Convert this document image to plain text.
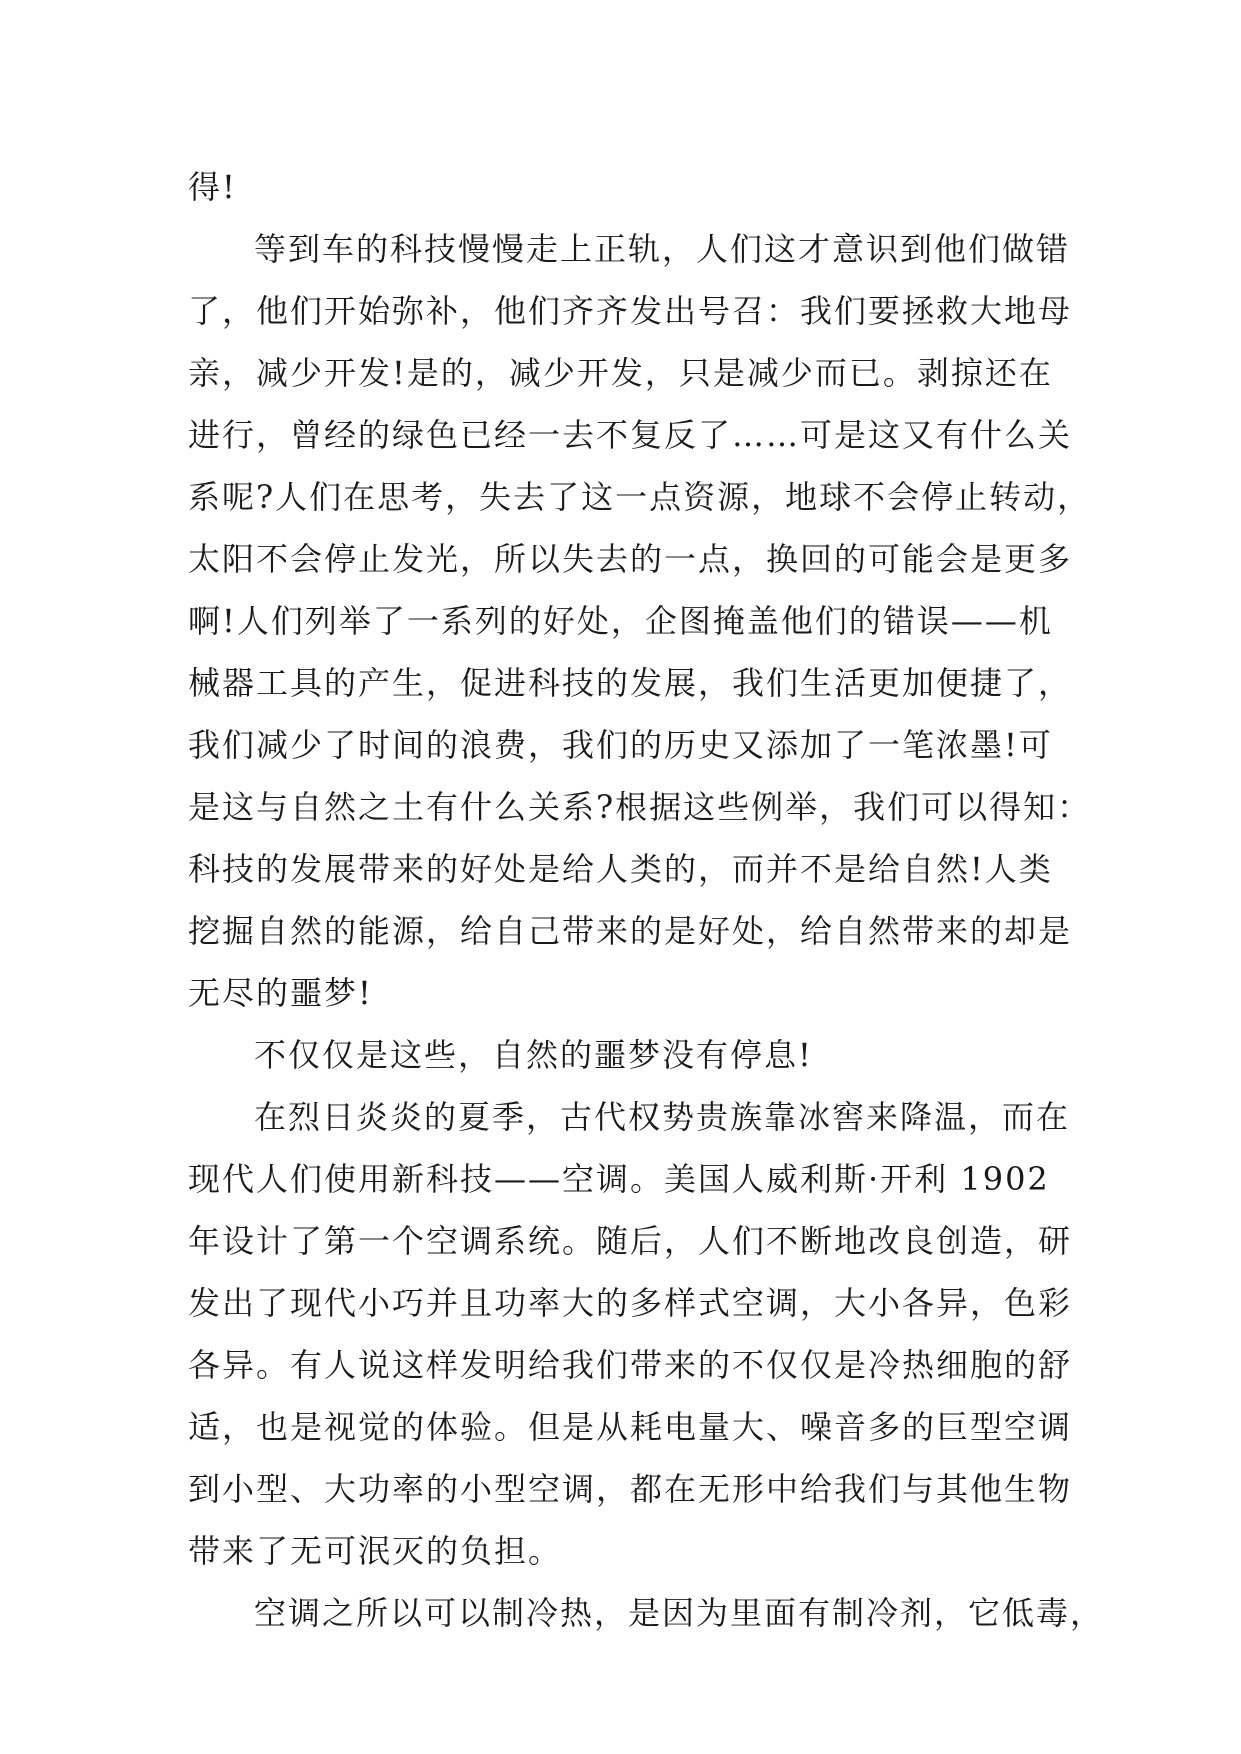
得!
等到车的科技慢慢走上正轨，人们这才意识到他们做错
了，他们开始弥补，他们齐齐发出号召：我们要拯救大地母
亲，减少开发!是的，减少开发，只是减少而已。剥掠还在
进行，曾经的绿色已经一去不复反了……可是这又有什么关
系呢?人们在思考，失去了这一点资源，地球不会停止转动，
太阳不会停止发光，所以失去的一点，换回的可能会是更多
啊!人们列举了一系列的好处，企图掩盖他们的错误——机
械器工具的产生，促进科技的发展，我们生活更加便捷了，
我们减少了时间的浪费，我们的历史又添加了一笔浓墨!可
是这与自然之土有什么关系?根据这些例举，我们可以得知：
科技的发展带来的好处是给人类的，而并不是给自然!人类
挖掘自然的能源，给自己带来的是好处，给自然带来的却是
无尽的噩梦!
不仅仅是这些，自然的噩梦没有停息!
在烈日炎炎的夏季，古代权势贵族靠冰窖来降温，而在
现代人们使用新科技——空调。美国人威利斯·开利 1902
年设计了第一个空调系统。随后，人们不断地改良创造，研
发出了现代小巧并且功率大的多样式空调，大小各异，色彩
各异。有人说这样发明给我们带来的不仅仅是冷热细胞的舒
适，也是视觉的体验。但是从耗电量大、噪音多的巨型空调
到小型、大功率的小型空调，都在无形中给我们与其他生物
带来了无可泯灭的负担。
空调之所以可以制冷热，是因为里面有制冷剂，它低毒，
